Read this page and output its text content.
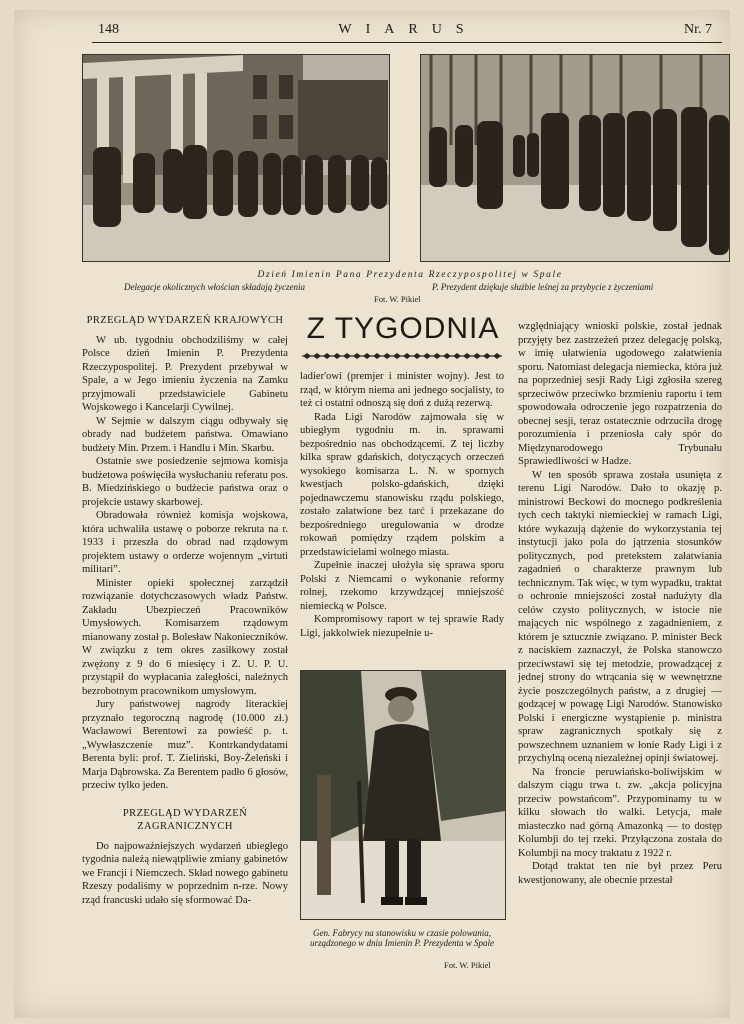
148	WIARUS	Nr. 7
Dzień Imienin Pana Prezydenta Rzeczypospolitej w Spale
Delegacje okolicznych włościan składają życzenia	P. Prezydent dziękuje służbie leśnej za przybycie z życzeniami
Fot. W. Pikiel
PRZEGLĄD WYDARZEŃ KRAJOWYCH

W ub. tygodniu obchodziliśmy w całej Polsce dzień Imienin P. Prezydenta Rzeczypospolitej. P. Prezydent przebywał w Spale, a w Jego imieniu życzenia na Zamku przyjmowali przedstawiciele Gabinetu Wojskowego i Kancelarji Cywilnej.

W Sejmie w dalszym ciągu odbywały się obrady nad budżetem państwa. Omawiano budżety Min. Przem. i Handlu i Min. Skarbu.

Ostatnie swe posiedzenie sejmowa komisja budżetowa poświęciła wysłuchaniu referatu pos. B. Miedzińskiego o budżecie państwa oraz o projekcie ustawy skarbowej.

Obradowała również komisja wojskowa, która uchwaliła ustawę o poborze rekruta na r. 1933 i przeszła do obrad nad rządowym projektem ustawy o orderze wojennym „virtuti militari”.

Minister opieki społecznej zarządził rozwiązanie dotychczasowych władz Państw. Zakładu Ubezpieczeń Pracowników Umysłowych. Komisarzem rządowym mianowany został p. Bolesław Nakonieczników. W związku z tem okres zasiłkowy został zwężony z 9 do 6 miesięcy i Z. U. P. U. przystąpił do wypłacania zaległości, należnych bezrobotnym pracownikom umysłowym.

Jury państwowej nagrody literackiej przyznało tegoroczną nagrodę (10.000 zł.) Wacławowi Berentowi za powieść p. t. „Wywłaszczenie muz”. Kontrkandydatami Berenta byli: prof. T. Zieliński, Boy-Żeleński i Marja Dąbrowska. Za Berentem padło 6 głosów, przeciw tylko jeden.

PRZEGLĄD WYDARZEŃ ZAGRANICZNYCH

Do najpoważniejszych wydarzeń ubiegłego tygodnia należą niewątpliwie zmiany gabinetów we Francji i Niemczech. Skład nowego gabinetu Rzeszy podaliśmy w poprzednim n-rze. Nowy rząd francuski udało się sformować Da-

Z TYGODNIA

ladier'owi (premjer i minister wojny). Jest to rząd, w którym niema ani jednego socjalisty, to też ci ostatni odnoszą się doń z dużą rezerwą.

Rada Ligi Narodów zajmowała się w ubiegłym tygodniu m. in. sprawami bezpośrednio nas obchodzącemi. Z tej liczby kilka spraw gdańskich, dotyczących orzeczeń wysokiego komisarza L. N. w spornych kwestjach polsko-gdańskich, dzięki pojednawczemu stanowisku rządu polskiego, zostało załatwione bez tarć i przekazane do bezpośredniego uregulowania w drodze rokowań pomiędzy rządem polskim a przedstawicielami wolnego miasta.

Zupełnie inaczej ułożyła się sprawa sporu Polski z Niemcami o wykonanie reformy rolnej, rzekomo krzywdzącej mniejszość niemiecką w Polsce.

Kompromisowy raport w tej sprawie Rady Ligi, jakkolwiek niezupełnie u-

Gen. Fabrycy na stanowisku w czasie polowania, urządzonego w dniu Imienin P. Prezydenta w Spale
Fot. W. Pikiel

względniający wnioski polskie, został jednak przyjęty bez zastrzeżeń przez delegację polską, w imię ułatwienia ugodowego załatwienia sporu. Natomiast delegacja niemiecka, która już na poprzedniej sesji Rady Ligi zgłosiła szereg sprzeciwów przeciwko brzmieniu raportu i tem spowodowała odroczenie jego rozpatrzenia do obecnej sesji, teraz ostatecznie odrzuciła drogę porozumienia i przeniosła cały spór do Międzynarodowego Trybunału Sprawiedliwości w Hadze.

W ten sposób sprawa została usunięta z terenu Ligi Narodów. Dało to okazję p. ministrowi Beckowi do mocnego podkreślenia tych cech taktyki niemieckiej w ramach Ligi, które wykazują dążenie do wykorzystania tej instytucji jako pola do jątrzenia stosunków politycznych, pod pretekstem załatwiania zagadnień o charakterze prawnym lub technicznym. Tak więc, w tym wypadku, traktat o ochronie mniejszości został nadużyty dla celów czysto politycznych, w istocie nie mających nic wspólnego z zagadnieniem, z którem je sztucznie związano. P. minister Beck z naciskiem zaznaczył, że Polska stanowczo przeciwstawi się tej metodzie, prowadzącej z jednej strony do wtrącania się w wewnętrzne życie poszczególnych państw, a z drugiej — godzącej w powagę Ligi Narodów. Stanowisko Polski i energiczne wystąpienie p. ministra spraw zagranicznych spotkały się z powszechnem uznaniem w łonie Rady Ligi i z przychylną oceną niezależnej opinji światowej.

Na froncie peruwiańsko-boliwijskim w dalszym ciągu trwa t. zw. „akcja policyjna przeciw powstańcom”. Przypominamy tu w kilku słowach tło walki. Letycja, małe miasteczko nad górną Amazonką — to dostęp Kolumbji do tej rzeki. Przyłączona została do Kolumbji na mocy traktatu z 1922 r.

Dotąd traktat ten nie był przez Peru kwestjonowany, ale obecnie przestał
